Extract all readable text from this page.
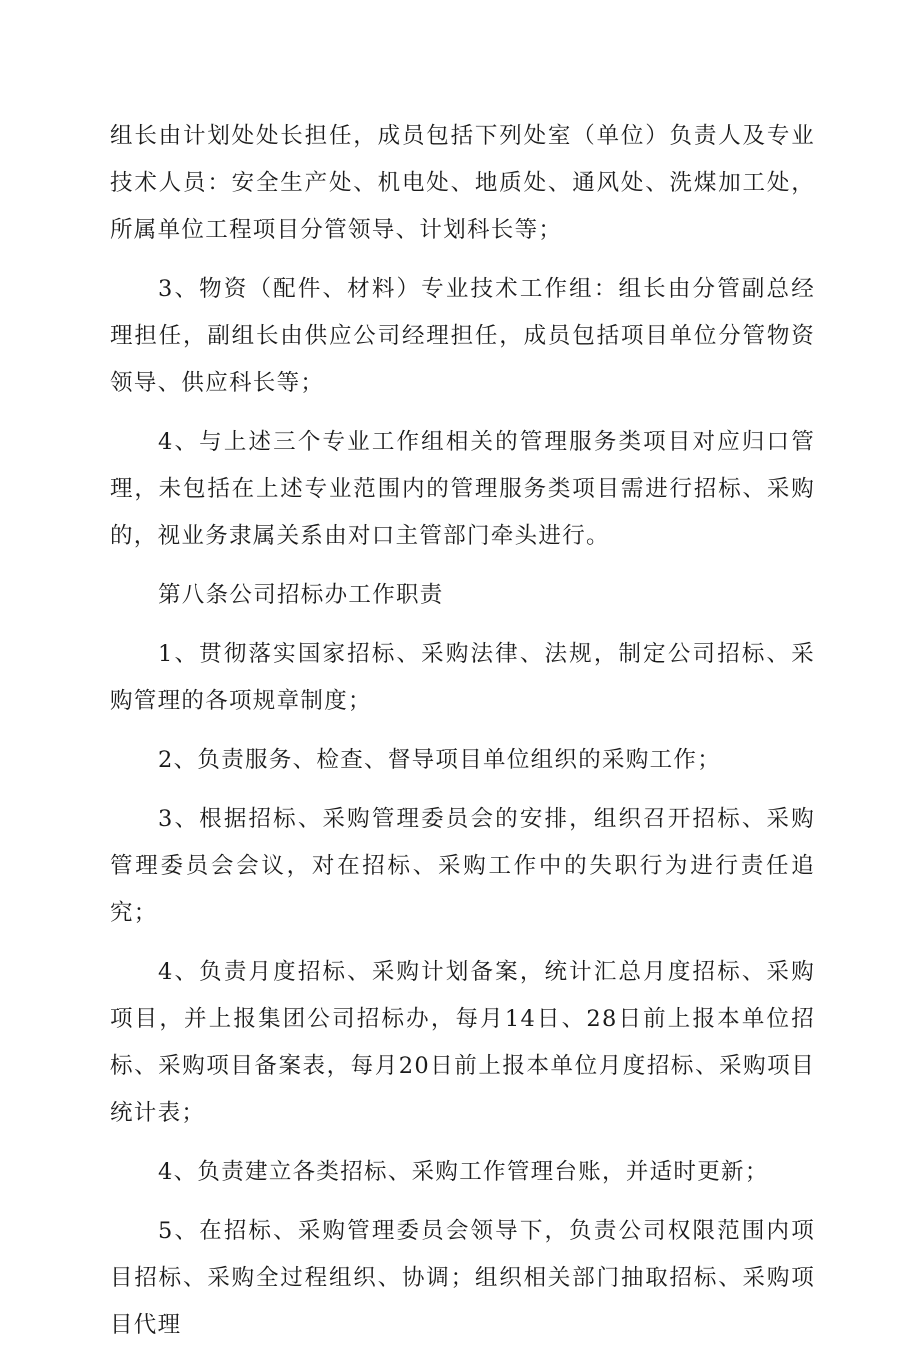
组长由计划处处长担任，成员包括下列处室（单位）负责人及专业技术人员：安全生产处、机电处、地质处、通风处、洗煤加工处，所属单位工程项目分管领导、计划科长等；

3、物资（配件、材料）专业技术工作组：组长由分管副总经理担任，副组长由供应公司经理担任，成员包括项目单位分管物资领导、供应科长等；

4、与上述三个专业工作组相关的管理服务类项目对应归口管理，未包括在上述专业范围内的管理服务类项目需进行招标、采购的，视业务隶属关系由对口主管部门牵头进行。

第八条公司招标办工作职责

1、贯彻落实国家招标、采购法律、法规，制定公司招标、采购管理的各项规章制度；

2、负责服务、检查、督导项目单位组织的采购工作；

3、根据招标、采购管理委员会的安排，组织召开招标、采购管理委员会会议，对在招标、采购工作中的失职行为进行责任追究；

4、负责月度招标、采购计划备案，统计汇总月度招标、采购项目，并上报集团公司招标办，每月14日、28日前上报本单位招标、采购项目备案表，每月20日前上报本单位月度招标、采购项目统计表；

4、负责建立各类招标、采购工作管理台账，并适时更新；

5、在招标、采购管理委员会领导下，负责公司权限范围内项目招标、采购全过程组织、协调；组织相关部门抽取招标、采购项目代理
